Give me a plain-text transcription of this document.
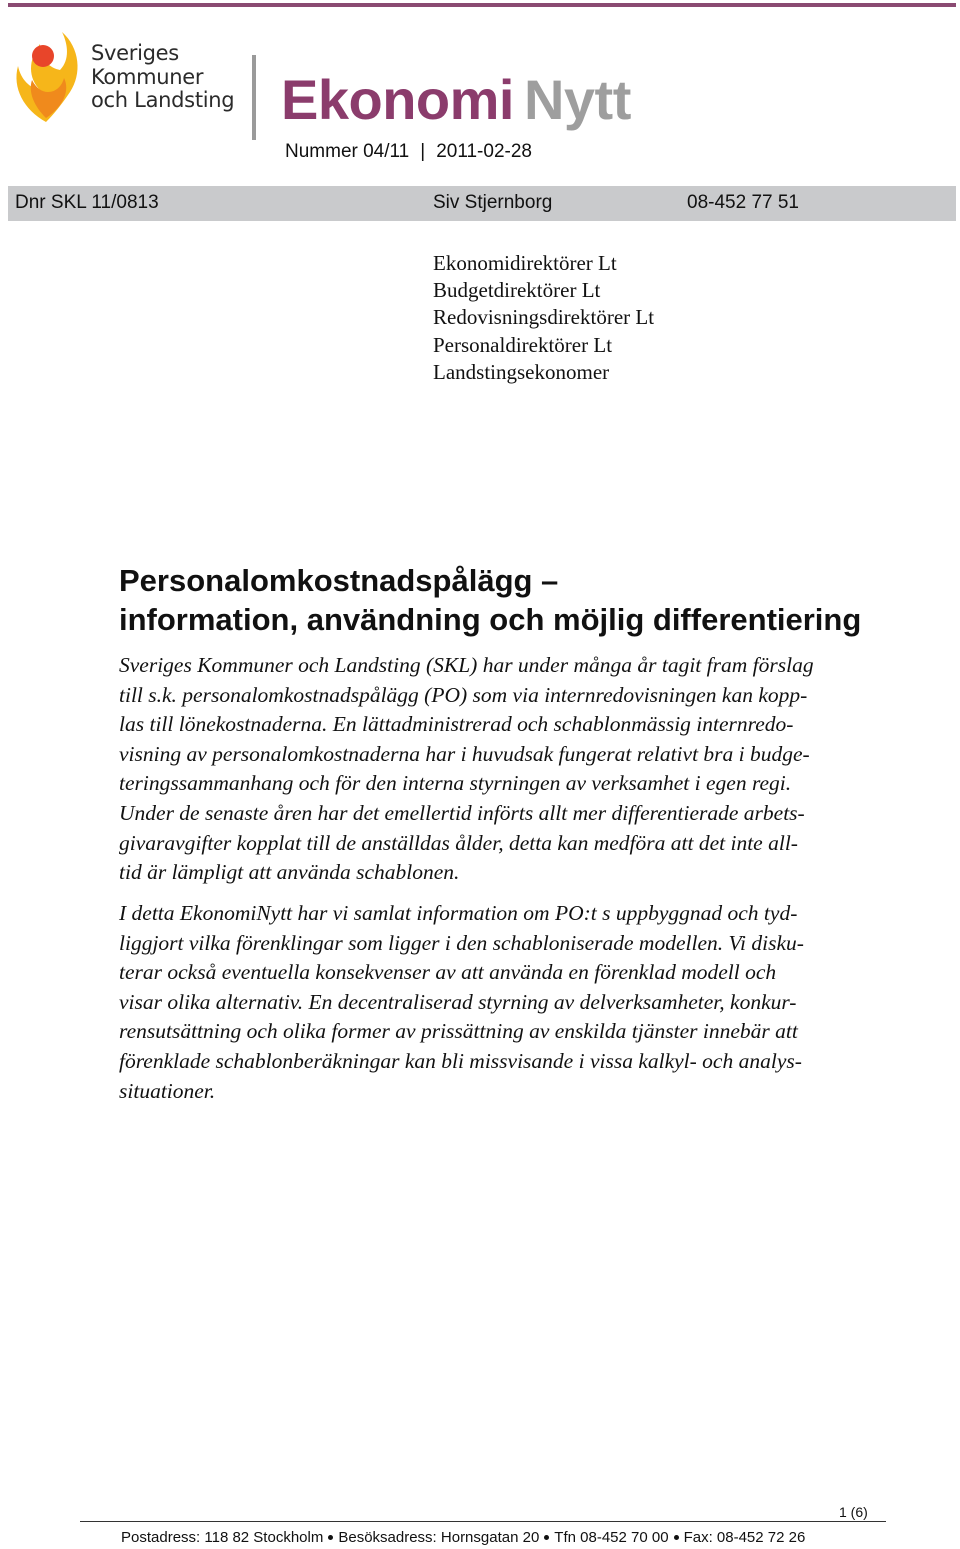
Sveriges
Kommuner
och Landsting Ekonomi Nytt
Nummer 04/11 | 2011-02-28
Dnr SKL 11/0813	Siv Stjernborg	08-452 77 51
Ekonomidirektörer Lt
Budgetdirektörer Lt
Redovisningsdirektörer Lt
Personaldirektörer Lt
Landstingsekonomer
Personalomkostnadspålägg –
information, användning och möjlig differentiering
Sveriges Kommuner och Landsting (SKL) har under många år tagit fram förslag
till s.k. personalomkostnadspålägg (PO) som via internredovisningen kan kopp-
las till lönekostnaderna. En lättadministrerad och schablonmässig internredo-
visning av personalomkostnaderna har i huvudsak fungerat relativt bra i budge-
teringssammanhang och för den interna styrningen av verksamhet i egen regi.
Under de senaste åren har det emellertid införts allt mer differentierade arbets-
givaravgifter kopplat till de anställdas ålder, detta kan medföra att det inte all-
tid är lämpligt att använda schablonen.
I detta EkonomiNytt har vi samlat information om PO:t s uppbyggnad och tyd-
liggjort vilka förenklingar som ligger i den schabloniserade modellen. Vi disku-
terar också eventuella konsekvenser av att använda en förenklad modell och
visar olika alternativ. En decentraliserad styrning av delverksamheter, konkur-
rensutsättning och olika former av prissättning av enskilda tjänster innebär att
förenklade schablonberäkningar kan bli missvisande i vissa kalkyl- och analys-
situationer.
1 (6)
Postadress: 118 82 Stockholm Besöksadress: Hornsgatan 20 Tfn 08-452 70 00 Fax: 08-452 72 26
